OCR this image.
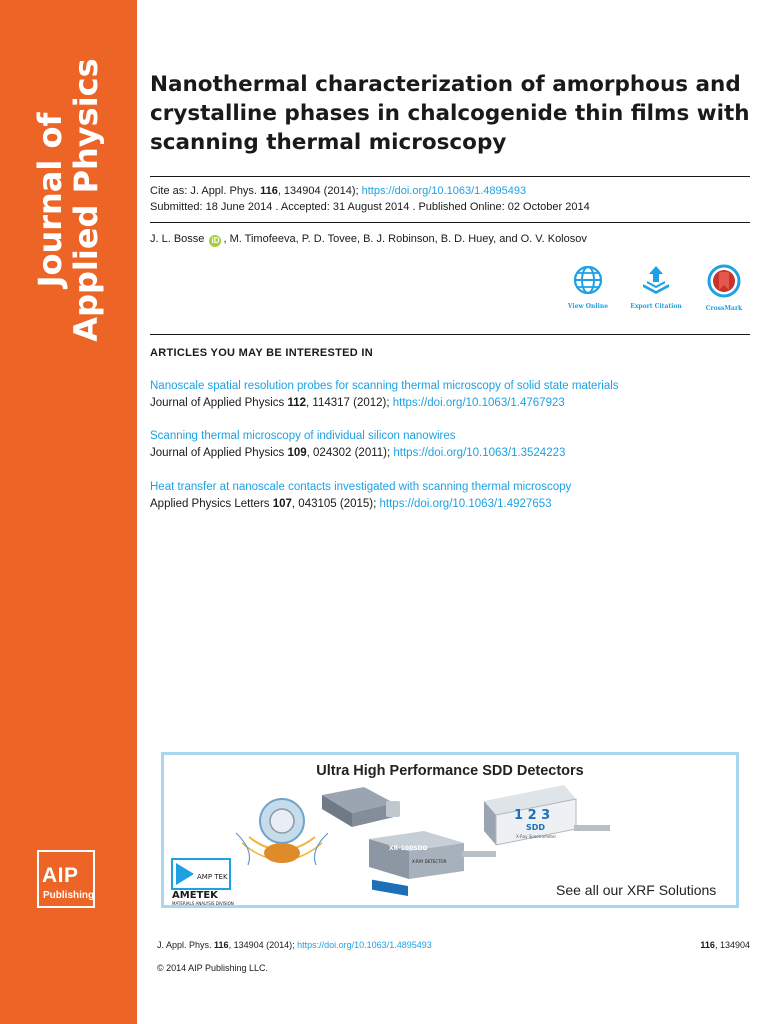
Journal of
Applied Physics
AIP
Publishing
Nanothermal characterization of amorphous and crystalline phases in chalcogenide thin films with scanning thermal microscopy
Cite as: J. Appl. Phys. 116, 134904 (2014); https://doi.org/10.1063/1.4895493
Submitted: 18 June 2014 . Accepted: 31 August 2014 . Published Online: 02 October 2014
J. L. Bosse iD , M. Timofeeva, P. D. Tovee, B. J. Robinson, B. D. Huey, and O. V. Kolosov
View Online	Export Citation	CrossMark
ARTICLES YOU MAY BE INTERESTED IN
Nanoscale spatial resolution probes for scanning thermal microscopy of solid state materials
Journal of Applied Physics 112, 114317 (2012); https://doi.org/10.1063/1.4767923
Scanning thermal microscopy of individual silicon nanowires
Journal of Applied Physics 109, 024302 (2011); https://doi.org/10.1063/1.3524223
Heat transfer at nanoscale contacts investigated with scanning thermal microscopy
Applied Physics Letters 107, 043105 (2015); https://doi.org/10.1063/1.4927653
Ultra High Performance SDD Detectors
AMP TEK
AMETEK
MATERIALS ANALYSIS DIVISION
XR-100SDD
X-RAY DETECTOR
1 2 3
SDD
X-Ray Spectrometer
See all our XRF Solutions
J. Appl. Phys. 116, 134904 (2014); https://doi.org/10.1063/1.4895493	116, 134904
© 2014 AIP Publishing LLC.
